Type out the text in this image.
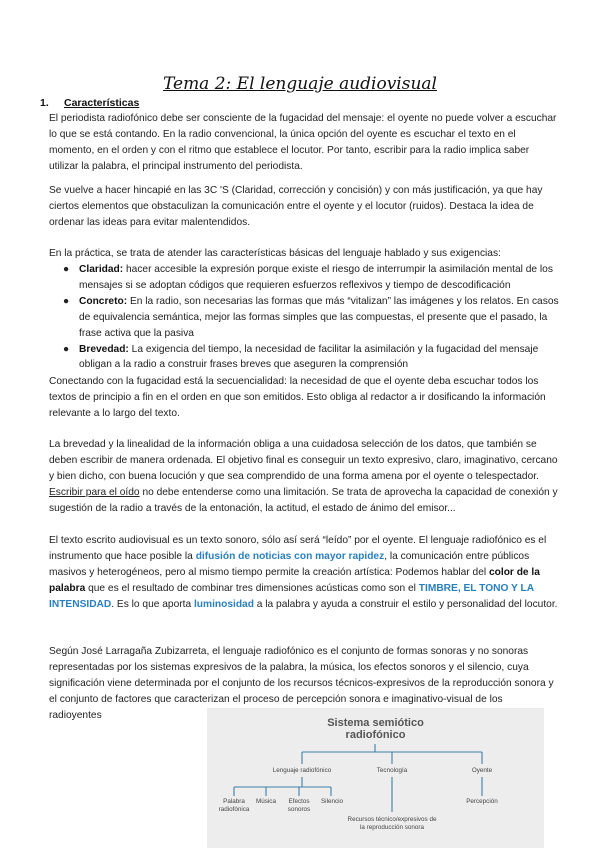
Tema 2: El lenguaje audiovisual
1. Características

El periodista radiofónico debe ser consciente de la fugacidad del mensaje: el oyente no puede volver a escuchar lo que se está contando. En la radio convencional, la única opción del oyente es escuchar el texto en el momento, en el orden y con el ritmo que establece el locutor. Por tanto, escribir para la radio implica saber utilizar la palabra, el principal instrumento del periodista.

Se vuelve a hacer hincapié en las 3C 'S (Claridad, corrección y concisión) y con más justificación, ya que hay ciertos elementos que obstaculizan la comunicación entre el oyente y el locutor (ruidos). Destaca la idea de ordenar las ideas para evitar malentendidos.

En la práctica, se trata de atender las características básicas del lenguaje hablado y sus exigencias:

● Claridad: hacer accesible la expresión porque existe el riesgo de interrumpir la asimilación mental de los mensajes si se adoptan códigos que requieren esfuerzos reflexivos y tiempo de descodificación
● Concreto: En la radio, son necesarias las formas que más “vitalizan” las imágenes y los relatos. En casos de equivalencia semántica, mejor las formas simples que las compuestas, el presente que el pasado, la frase activa que la pasiva
● Brevedad: La exigencia del tiempo, la necesidad de facilitar la asimilación y la fugacidad del mensaje obligan a la radio a construir frases breves que aseguren la comprensión

Conectando con la fugacidad está la secuencialidad: la necesidad de que el oyente deba escuchar todos los textos de principio a fin en el orden en que son emitidos. Esto obliga al redactor a ir dosificando la información relevante a lo largo del texto.

La brevedad y la linealidad de la información obliga a una cuidadosa selección de los datos, que también se deben escribir de manera ordenada. El objetivo final es conseguir un texto expresivo, claro, imaginativo, cercano y bien dicho, con buena locución y que sea comprendido de una forma amena por el oyente o telespectador. Escribir para el oído no debe entenderse como una limitación. Se trata de aprovecha la capacidad de conexión y sugestión de la radio a través de la entonación, la actitud, el estado de ánimo del emisor...

El texto escrito audiovisual es un texto sonoro, sólo así será “leído” por el oyente. El lenguaje radiofónico es el instrumento que hace posible la difusión de noticias con mayor rapidez, la comunicación entre públicos masivos y heterogéneos, pero al mismo tiempo permite la creación artística: Podemos hablar del color de la palabra que es el resultado de combinar tres dimensiones acústicas como son el TIMBRE, EL TONO Y LA INTENSIDAD. Es lo que aporta luminosidad a la palabra y ayuda a construir el estilo y personalidad del locutor.

Según José Larragaña Zubizarreta, el lenguaje radiofónico es el conjunto de formas sonoras y no sonoras representadas por los sistemas expresivos de la palabra, la música, los efectos sonoros y el silencio, cuya significación viene determinada por el conjunto de los recursos técnicos-expresivos de la reproducción sonora y el conjunto de factores que caracterizan el proceso de percepción sonora e imaginativo-visual de los
radioyentes

Sistema semiótico
radiofónico
Lenguaje radiofónico	Tecnología	Oyente
Palabra radiofónica
Música	Efectos sonoros
Silencio
Recursos técnico/expresivos de la reproducción sonora
Percepción
